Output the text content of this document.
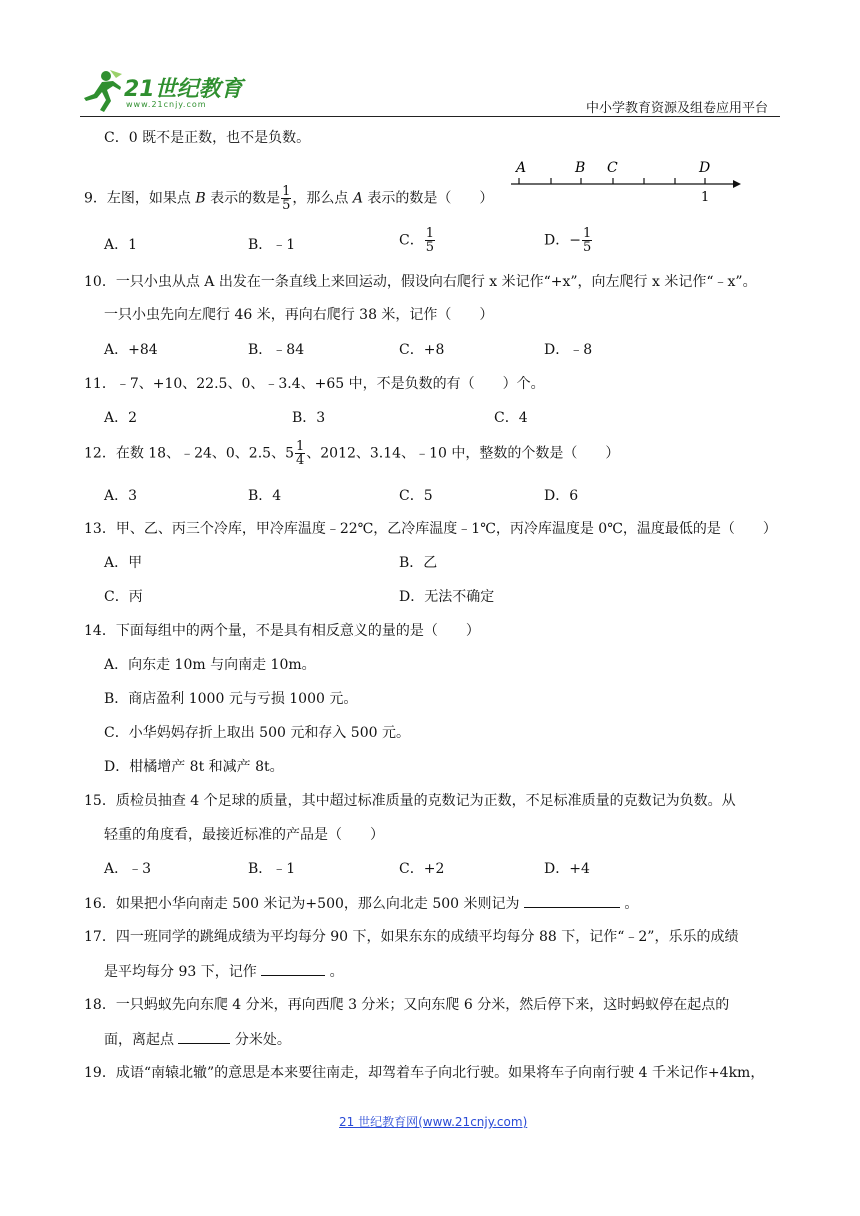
21世纪教育
www.21cnjy.com	中小学教育资源及组卷应用平台
C．0 既不是正数，也不是负数。
A	B C	D
1
9．左图，如果点 B 表示的数是 $\frac{1}{5}$ ，那么点 A 表示的数是（　　）
A．1	B．﹣1	C． $\frac{1}{5}$	D．− $\frac{1}{5}$
10．一只小虫从点 A 出发在一条直线上来回运动，假设向右爬行 x 米记作“+x”，向左爬行 x 米记作“﹣x”。
一只小虫先向左爬行 46 米，再向右爬行 38 米，记作（　　）
A．+84	B．﹣84	C．+8	D．﹣8
11．﹣7、+10、22.5、0、﹣3.4、+65 中，不是负数的有（　　）个。
A．2	B．3	C．4
12．在数 18、﹣24、0、2.5、$5 \frac{1}{4}$ 、2012、3.14、﹣10 中，整数的个数是（　　）
A．3	B．4	C．5	D．6
13．甲、乙、丙三个冷库，甲冷库温度﹣22℃，乙冷库温度﹣1℃，丙冷库温度是 0℃，温度最低的是（　　）
A．甲	B．乙
C．丙	D．无法不确定
14．下面每组中的两个量，不是具有相反意义的量的是（　　）
A．向东走 10m 与向南走 10m。
B．商店盈利 1000 元与亏损 1000 元。
C．小华妈妈存折上取出 500 元和存入 500 元。
D．柑橘增产 8t 和减产 8t。
15．质检员抽查 4 个足球的质量，其中超过标准质量的克数记为正数，不足标准质量的克数记为负数。从
轻重的角度看，最接近标准的产品是（　　）
A．﹣3	B．﹣1	C．+2	D．+4
16．如果把小华向南走 500 米记为+500，那么向北走 500 米则记为	。
17．四一班同学的跳绳成绩为平均每分 90 下，如果东东的成绩平均每分 88 下，记作“﹣2”，乐乐的成绩
是平均每分 93 下，记作	。
18．一只蚂蚁先向东爬 4 分米，再向西爬 3 分米；又向东爬 6 分米，然后停下来，这时蚂蚁停在起点的
面，离起点	分米处。
19．成语“南辕北辙”的意思是本来要往南走，却驾着车子向北行驶。如果将车子向南行驶 4 千米记作+4km，
21 世纪教育网(www.21cnjy.com)
